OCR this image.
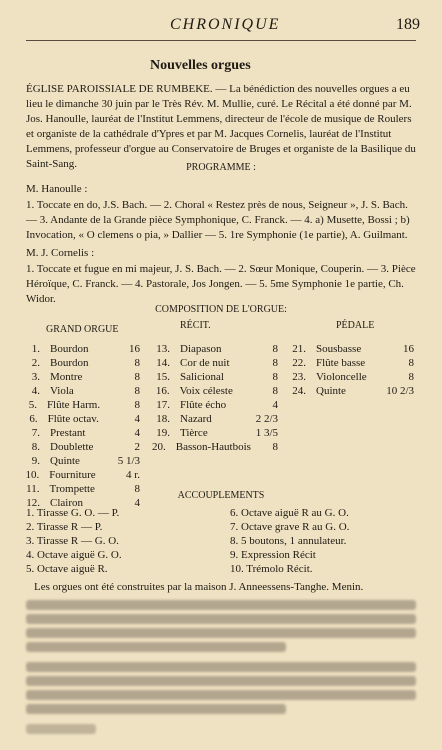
CHRONIQUE	189
Nouvelles orgues
ÉGLISE PAROISSIALE DE RUMBEKE. — La bénédiction des nouvelles orgues a eu lieu le dimanche 30 juin par le Très Rév. M. Mullie, curé. Le Récital a été donné par M. Jos. Hanoulle, lauréat de l'Institut Lemmens, directeur de l'école de musique de Roulers et organiste de la cathédrale d'Ypres et par M. Jacques Cornelis, lauréat de l'Institut Lemmens, professeur d'orgue au Conservatoire de Bruges et organiste de la Basilique du Saint-Sang.	PROGRAMME :
M. Hanoulle :
1. Toccate en do, J.S. Bach. — 2. Choral « Restez près de nous, Seigneur », J. S. Bach. — 3. Andante de la Grande pièce Symphonique, C. Franck. — 4. a) Musette, Bossi ; b) Invocation, « O clemens o pia, » Dallier — 5. 1re Symphonie (1e partie), A. Guilmant.
M. J. Cornelis :
1. Toccate et fugue en mi majeur, J. S. Bach. — 2. Sœur Monique, Couperin. — 3. Pièce Héroïque, C. Franck. — 4. Pastorale, Jos Jongen. — 5. 5me Symphonie 1e partie, Ch. Widor.
COMPOSITION DE L'ORGUE:
GRAND ORGUE	RÉCIT.	PÉDALE
1. Bourdon	16
2. Bourdon	8
3. Montre	8
4. Viola	8
5. Flûte Harm.	8
6. Flûte octav.	4
7. Prestant	4
8. Doublette	2
9. Quinte	5 1/3
10. Fourniture	4 r.
11. Trompette	8
12. Clairon	4
13. Diapason	8
14. Cor de nuit	8
15. Salicional	8
16. Voix céleste	8
17. Flûte écho	4
18. Nazard	2 2/3
19. Tièrce	1 3/5
20. Basson-Hautbois	8
21. Sousbasse	16
22. Flûte basse	8
23. Violoncelle	8
24. Quinte	10 2/3
ACCOUPLEMENTS
1. Tirasse G. O. — P.
2. Tirasse R — P.
3. Tirasse R — G. O.
4. Octave aiguë G. O.
5. Octave aiguë R.
6. Octave aiguë R au G. O.
7. Octave grave R au G. O.
8. 5 boutons, 1 annulateur.
9. Expression Récit
10. Trémolo Récit.
Les orgues ont été construites par la maison J. Anneessens-Tanghe. Menin.
